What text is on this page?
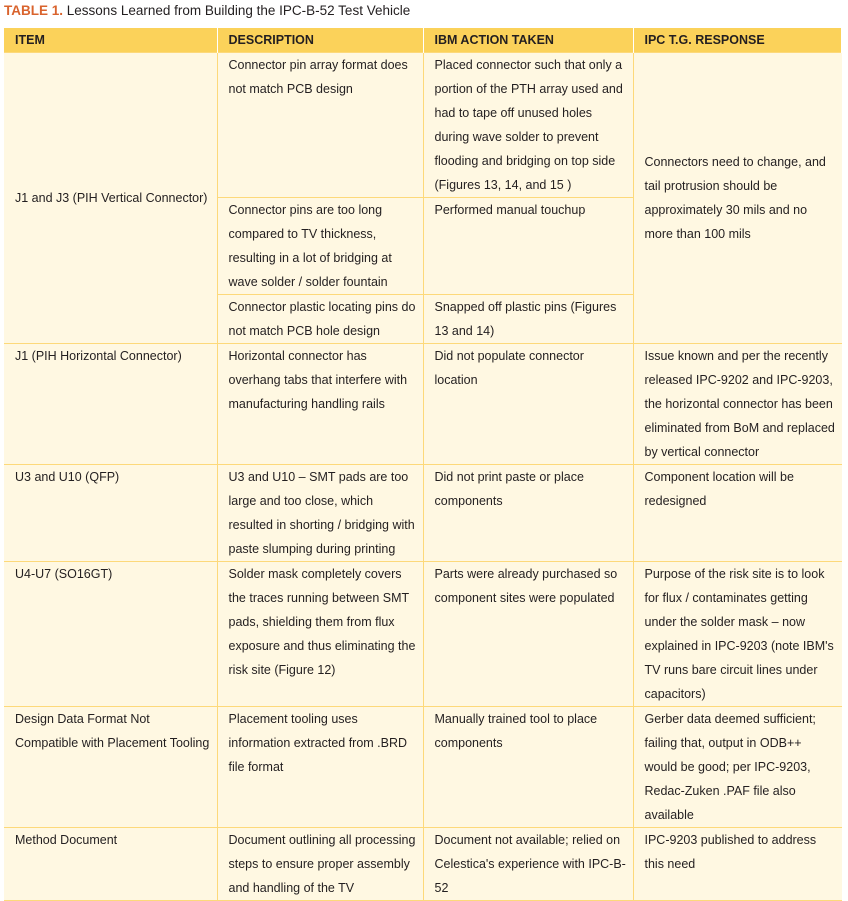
TABLE 1. Lessons Learned from Building the IPC-B-52 Test Vehicle
ITEM	DESCRIPTION	IBM ACTION TAKEN	IPC T.G. RESPONSE
J1 and J3 (PIH Vertical Connector)	Connector pin array format does not match PCB design	Placed connector such that only a portion of the PTH array used and had to tape off unused holes during wave solder to prevent flooding and bridging on top side (Figures 13, 14, and 15 )	Connectors need to change, and tail protrusion should be approximately 30 mils and no more than 100 mils
	Connector pins are too long compared to TV thickness, resulting in a lot of bridging at wave solder / solder fountain	Performed manual touchup	
	Connector plastic locating pins do not match PCB hole design	Snapped off plastic pins (Figures 13 and 14)	
J1 (PIH Horizontal Connector)	Horizontal connector has overhang tabs that interfere with manufacturing handling rails	Did not populate connector location	Issue known and per the recently released IPC-9202 and IPC-9203, the horizontal connector has been eliminated from BoM and replaced by vertical connector
U3 and U10 (QFP)	U3 and U10 – SMT pads are too large and too close, which resulted in shorting / bridging with paste slumping during printing	Did not print paste or place components	Component location will be redesigned
U4-U7 (SO16GT)	Solder mask completely covers the traces running between SMT pads, shielding them from flux exposure and thus eliminating the risk site (Figure 12)	Parts were already purchased so component sites were populated	Purpose of the risk site is to look for flux / contaminates getting under the solder mask – now explained in IPC-9203 (note IBM's TV runs bare circuit lines under capacitors)
Design Data Format Not Compatible with Placement Tooling	Placement tooling uses information extracted from .BRD file format	Manually trained tool to place components	Gerber data deemed sufficient; failing that, output in ODB++ would be good; per IPC-9203, Redac-Zuken .PAF file also available
Method Document	Document outlining all processing steps to ensure proper assembly and handling of the TV	Document not available; relied on Celestica's experience with IPC-B-52	IPC-9203 published to address this need
